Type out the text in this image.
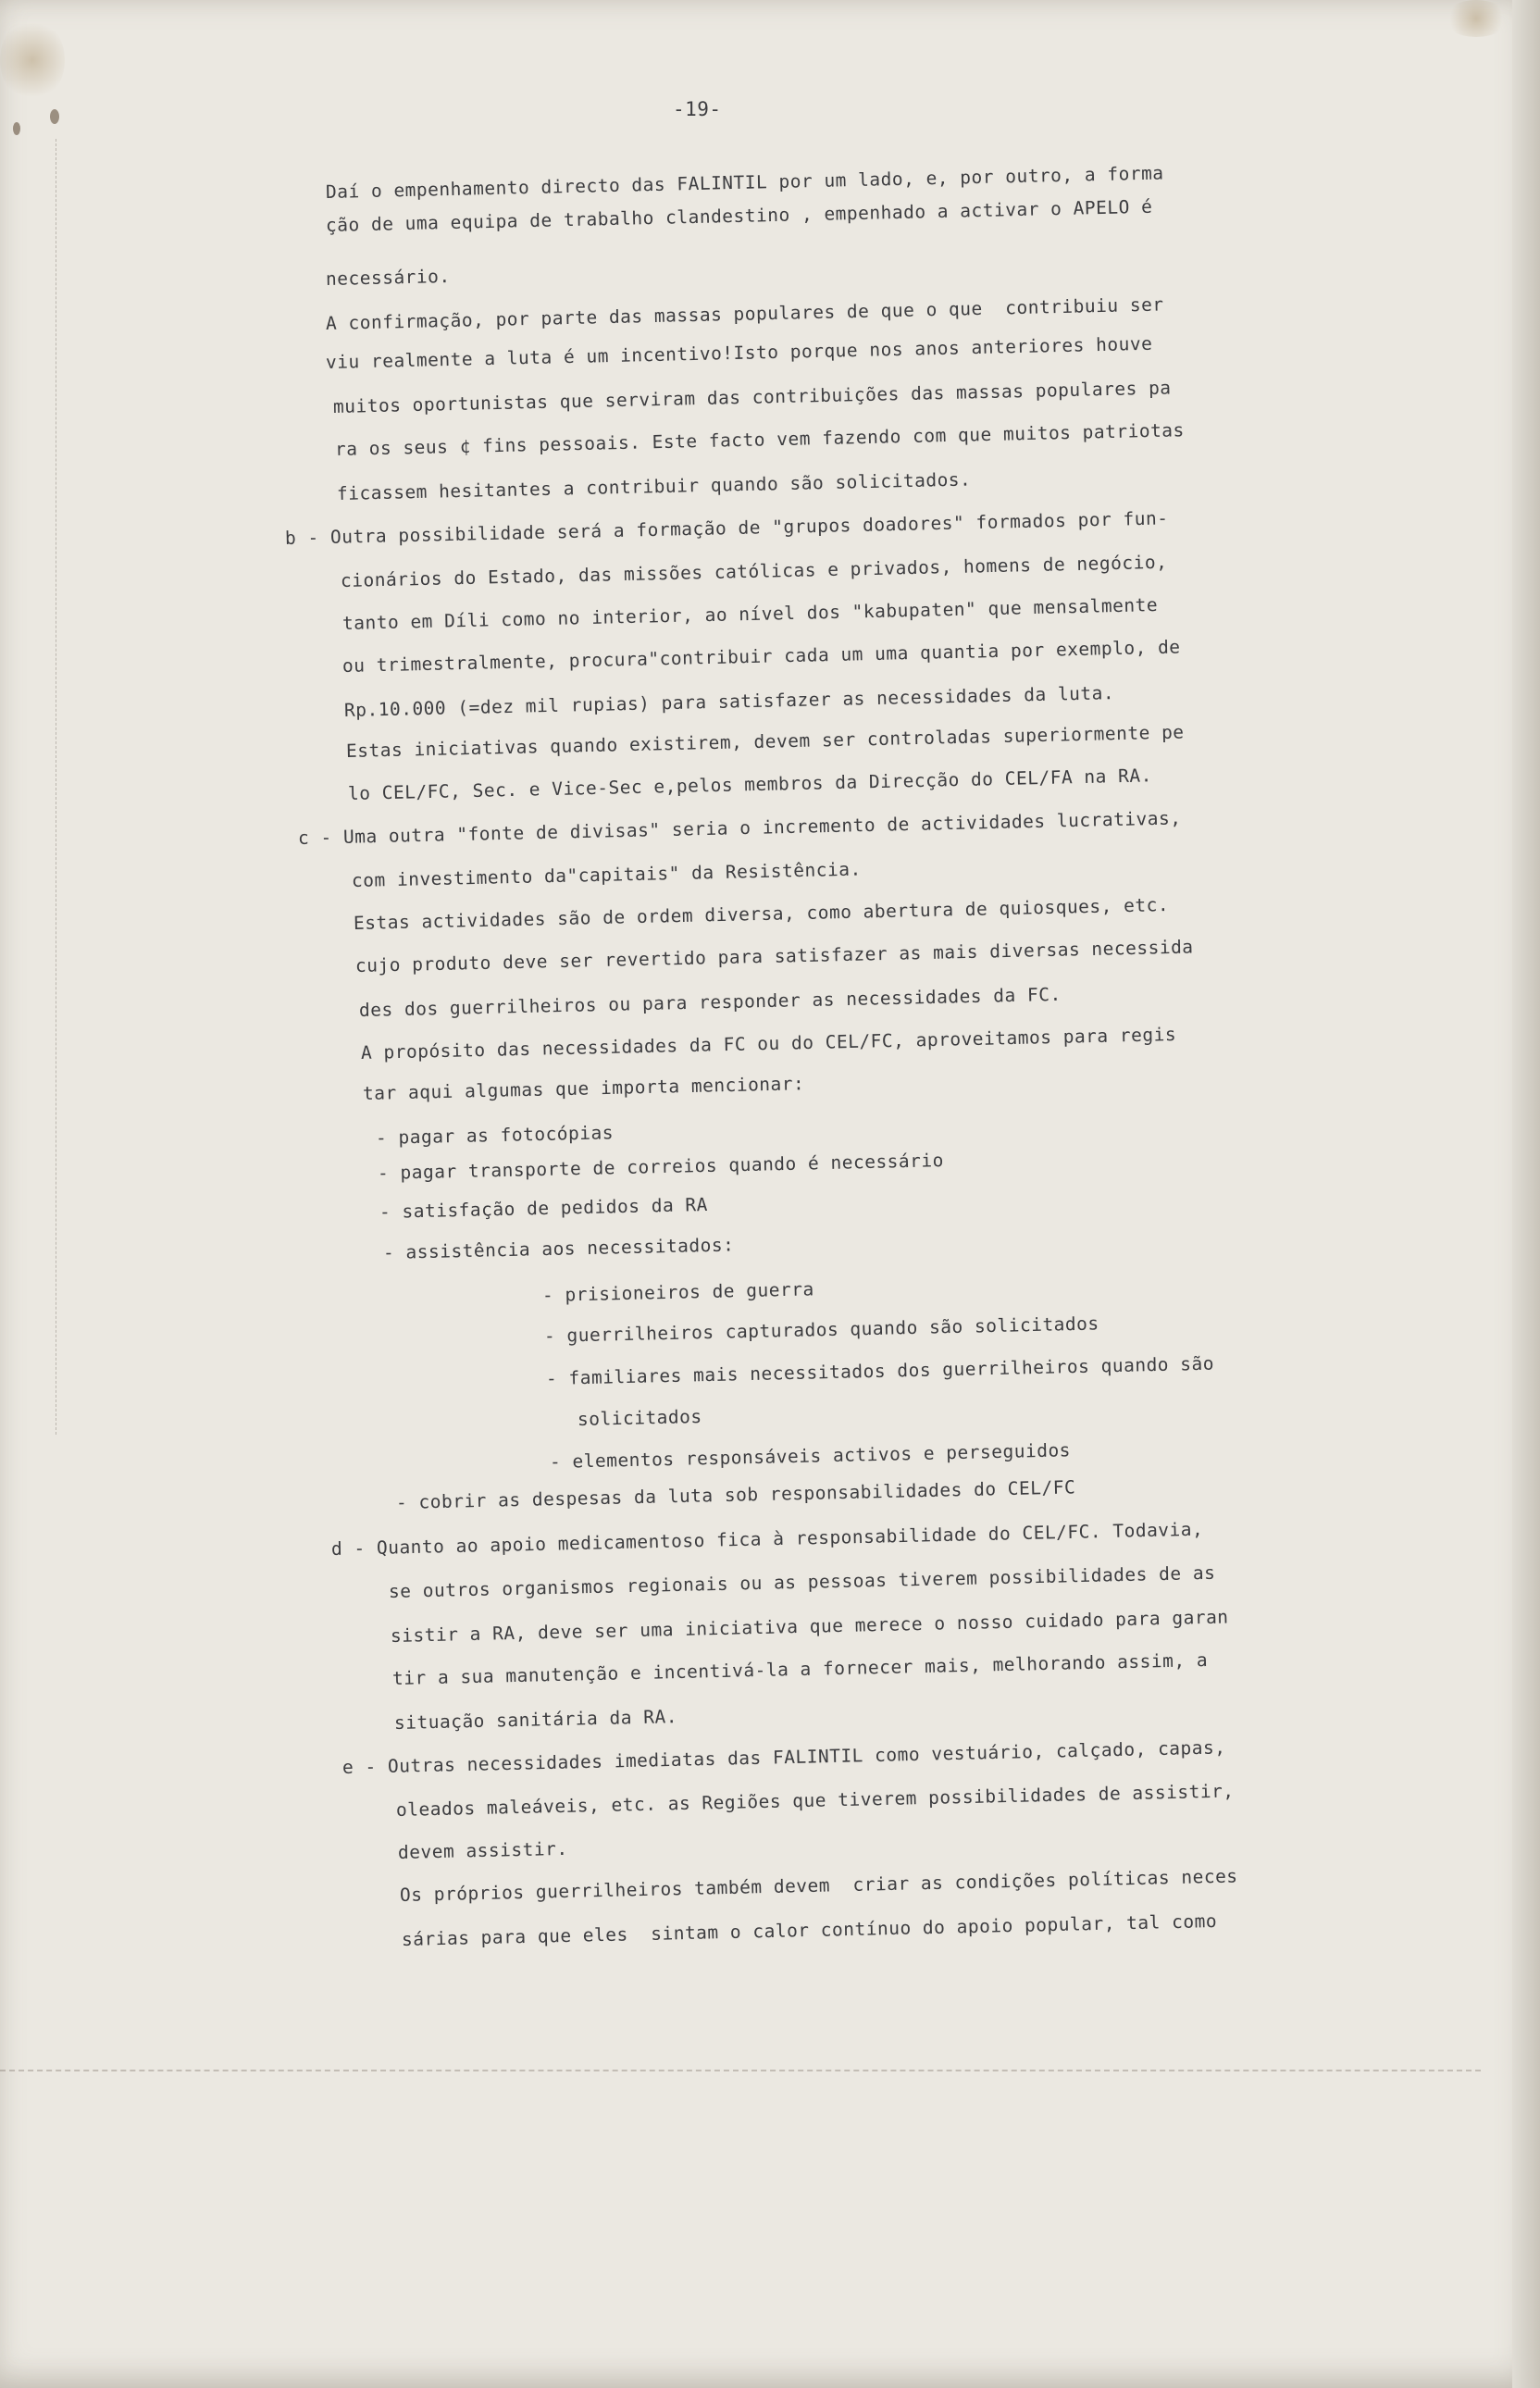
-19-
Daí o empenhamento directo das FALINTIL por um lado, e, por outro, a forma
ção de uma equipa de trabalho clandestino , empenhado a activar o APELO é
necessário.
A confirmação, por parte das massas populares de que o que  contribuiu ser
viu realmente a luta é um incentivo!Isto porque nos anos anteriores houve
muitos oportunistas que serviram das contribuições das massas populares pa
ra os seus ¢ fins pessoais. Este facto vem fazendo com que muitos patriotas
ficassem hesitantes a contribuir quando são solicitados.
b - Outra possibilidade será a formação de "grupos doadores" formados por fun-
cionários do Estado, das missões católicas e privados, homens de negócio,
tanto em Díli como no interior, ao nível dos "kabupaten" que mensalmente
ou trimestralmente, procura"contribuir cada um uma quantia por exemplo, de
Rp.10.000 (=dez mil rupias) para satisfazer as necessidades da luta.
Estas iniciativas quando existirem, devem ser controladas superiormente pe
lo CEL/FC, Sec. e Vice-Sec e,pelos membros da Direcção do CEL/FA na RA.
c - Uma outra "fonte de divisas" seria o incremento de actividades lucrativas,
com investimento da"capitais" da Resistência.
Estas actividades são de ordem diversa, como abertura de quiosques, etc.
cujo produto deve ser revertido para satisfazer as mais diversas necessida
des dos guerrilheiros ou para responder as necessidades da FC.
A propósito das necessidades da FC ou do CEL/FC, aproveitamos para regis
tar aqui algumas que importa mencionar:
- pagar as fotocópias
- pagar transporte de correios quando é necessário
- satisfação de pedidos da RA
- assistência aos necessitados:
- prisioneiros de guerra
- guerrilheiros capturados quando são solicitados
- familiares mais necessitados dos guerrilheiros quando são
solicitados
- elementos responsáveis activos e perseguidos
- cobrir as despesas da luta sob responsabilidades do CEL/FC
d - Quanto ao apoio medicamentoso fica à responsabilidade do CEL/FC. Todavia,
se outros organismos regionais ou as pessoas tiverem possibilidades de as
sistir a RA, deve ser uma iniciativa que merece o nosso cuidado para garan
tir a sua manutenção e incentivá-la a fornecer mais, melhorando assim, a
situação sanitária da RA.
e - Outras necessidades imediatas das FALINTIL como vestuário, calçado, capas,
oleados maleáveis, etc. as Regiões que tiverem possibilidades de assistir,
devem assistir.
Os próprios guerrilheiros também devem  criar as condições políticas neces
sárias para que eles  sintam o calor contínuo do apoio popular, tal como
